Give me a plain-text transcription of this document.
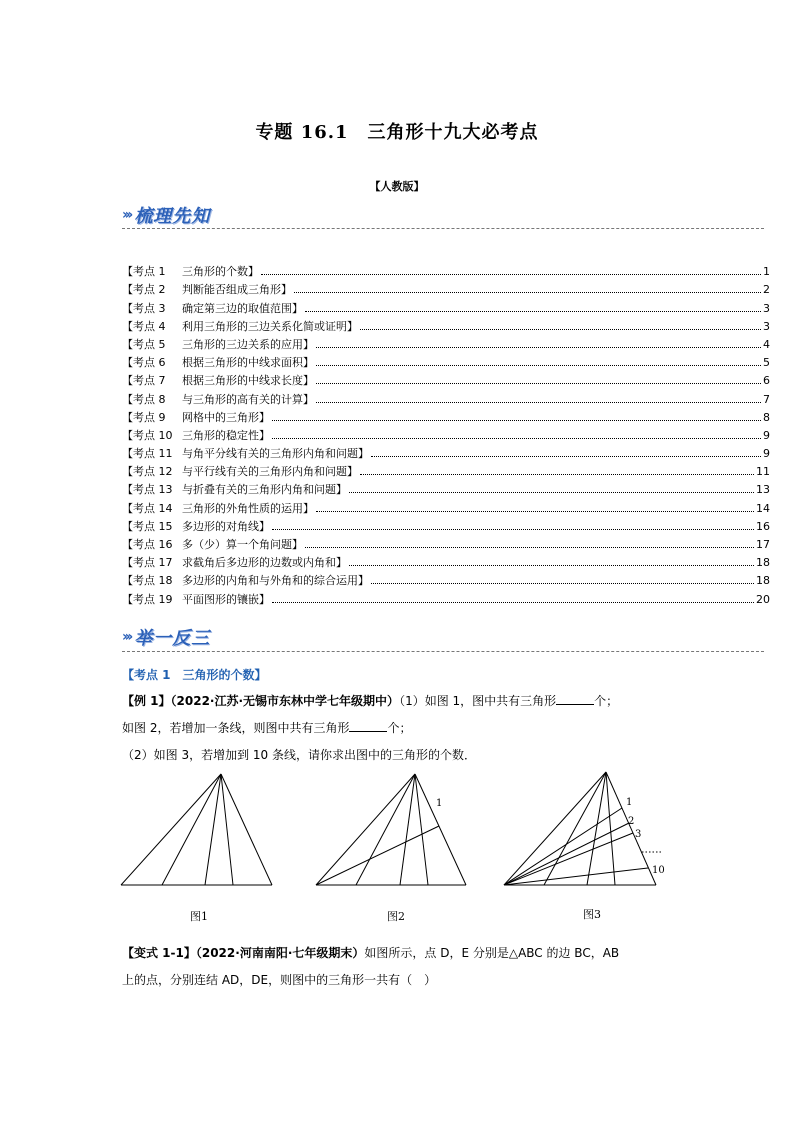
专题 16.1　三角形十九大必考点
【人教版】
››› 梳理先知
【考点 1	三角形的个数】	1
【考点 2	判断能否组成三角形】	2
【考点 3	确定第三边的取值范围】	3
【考点 4	利用三角形的三边关系化简或证明】	3
【考点 5	三角形的三边关系的应用】	4
【考点 6	根据三角形的中线求面积】	5
【考点 7	根据三角形的中线求长度】	6
【考点 8	与三角形的高有关的计算】	7
【考点 9	网格中的三角形】	8
【考点 10 三角形的稳定性】	9
【考点 11 与角平分线有关的三角形内角和问题】	9
【考点 12 与平行线有关的三角形内角和问题】	11
【考点 13 与折叠有关的三角形内角和问题】	13
【考点 14 三角形的外角性质的运用】	14
【考点 15 多边形的对角线】	16
【考点 16 多（少）算一个角问题】	17
【考点 17 求截角后多边形的边数或内角和】	18
【考点 18 多边形的内角和与外角和的综合运用】	18
【考点 19 平面图形的镶嵌】	20
››› 举一反三
【考点 1　三角形的个数】
【例 1】（2022·江苏·无锡市东林中学七年级期中）（1）如图 1，图中共有三角形	个；
如图 2，若增加一条线，则图中共有三角形	个；
（2）如图 3，若增加到 10 条线，请你求出图中的三角形的个数．
图1
1
图2
1
2
3
10
图3
【变式 1-1】（2022·河南南阳·七年级期末）如图所示，点 D，E 分别是△ABC 的边 BC，AB
上的点，分别连结 AD，DE，则图中的三角形一共有（　）
